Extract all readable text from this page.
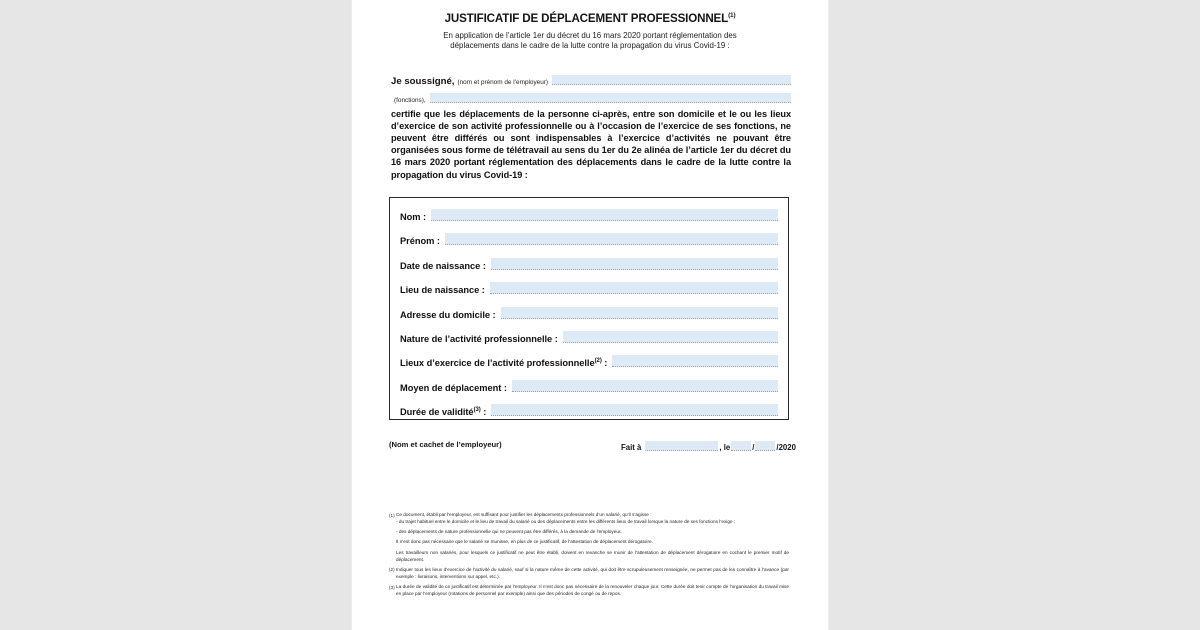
JUSTIFICATIF DE DÉPLACEMENT PROFESSIONNEL$^{(1)}$
En application de l’article 1er du décret du 16 mars 2020 portant réglementation des
déplacements dans le cadre de la lutte contre la propagation du virus Covid-19 :
Je soussigné, (nom et prénom de l’employeur)
(fonctions),
certifie que les déplacements de la personne ci-après, entre son domicile et le ou les lieux d’exercice de son activité professionnelle ou à l’occasion de l’exercice de ses fonctions, ne peuvent être différés ou sont indispensables à l’exercice d’activités ne pouvant être organisées sous forme de télétravail au sens du 1er du 2e alinéa de l’article 1er du décret du 16 mars 2020 portant réglementation des déplacements dans le cadre de la lutte contre la propagation du virus Covid-19 :
Nom :
Prénom :
Date de naissance :
Lieu de naissance :
Adresse du domicile :
Nature de l’activité professionnelle :
Lieux d’exercice de l’activité professionnelle$^{(2)}$ :
Moyen de déplacement :
Durée de validité$^{(3)}$ :
(Nom et cachet de l’employeur)	Fait à	, le	/	/ 2020
(1) Ce document, établi par l’employeur, est suffisant pour justifier les déplacements professionnels d’un salarié, qu’il s’agisse :

- du trajet habituel entre le domicile et le lieu de travail du salarié ou des déplacements entre les différents lieux de travail lorsque la nature de ses fonctions l’exige ;

- des déplacements de nature professionnelle qui ne peuvent pas être différés, à la demande de l’employeur.

Il n’est donc pas nécessaire que le salarié se munisse, en plus de ce justificatif, de l’attestation de déplacement dérogatoire.

Les travailleurs non salariés, pour lesquels ce justificatif ne peut être établi, doivent en revanche se munir de l’attestation de déplacement dérogatoire en cochant le premier motif de déplacement.

(2) Indiquer tous les lieux d’exercice de l’activité du salarié, sauf si la nature même de cette activité, qui doit être scrupuleusement renseignée, ne permet pas de les connaître à l’avance (par exemple : livraisons, interventions sur appel, etc.).

(3) La durée de validité de ce justificatif est déterminée par l’employeur. Il n’est donc pas nécessaire de la renouveler chaque jour. Cette durée doit tenir compte de l’organisation du travail mise en place par l’employeur (rotations de personnel par exemple) ainsi que des périodes de congé ou de repos.
